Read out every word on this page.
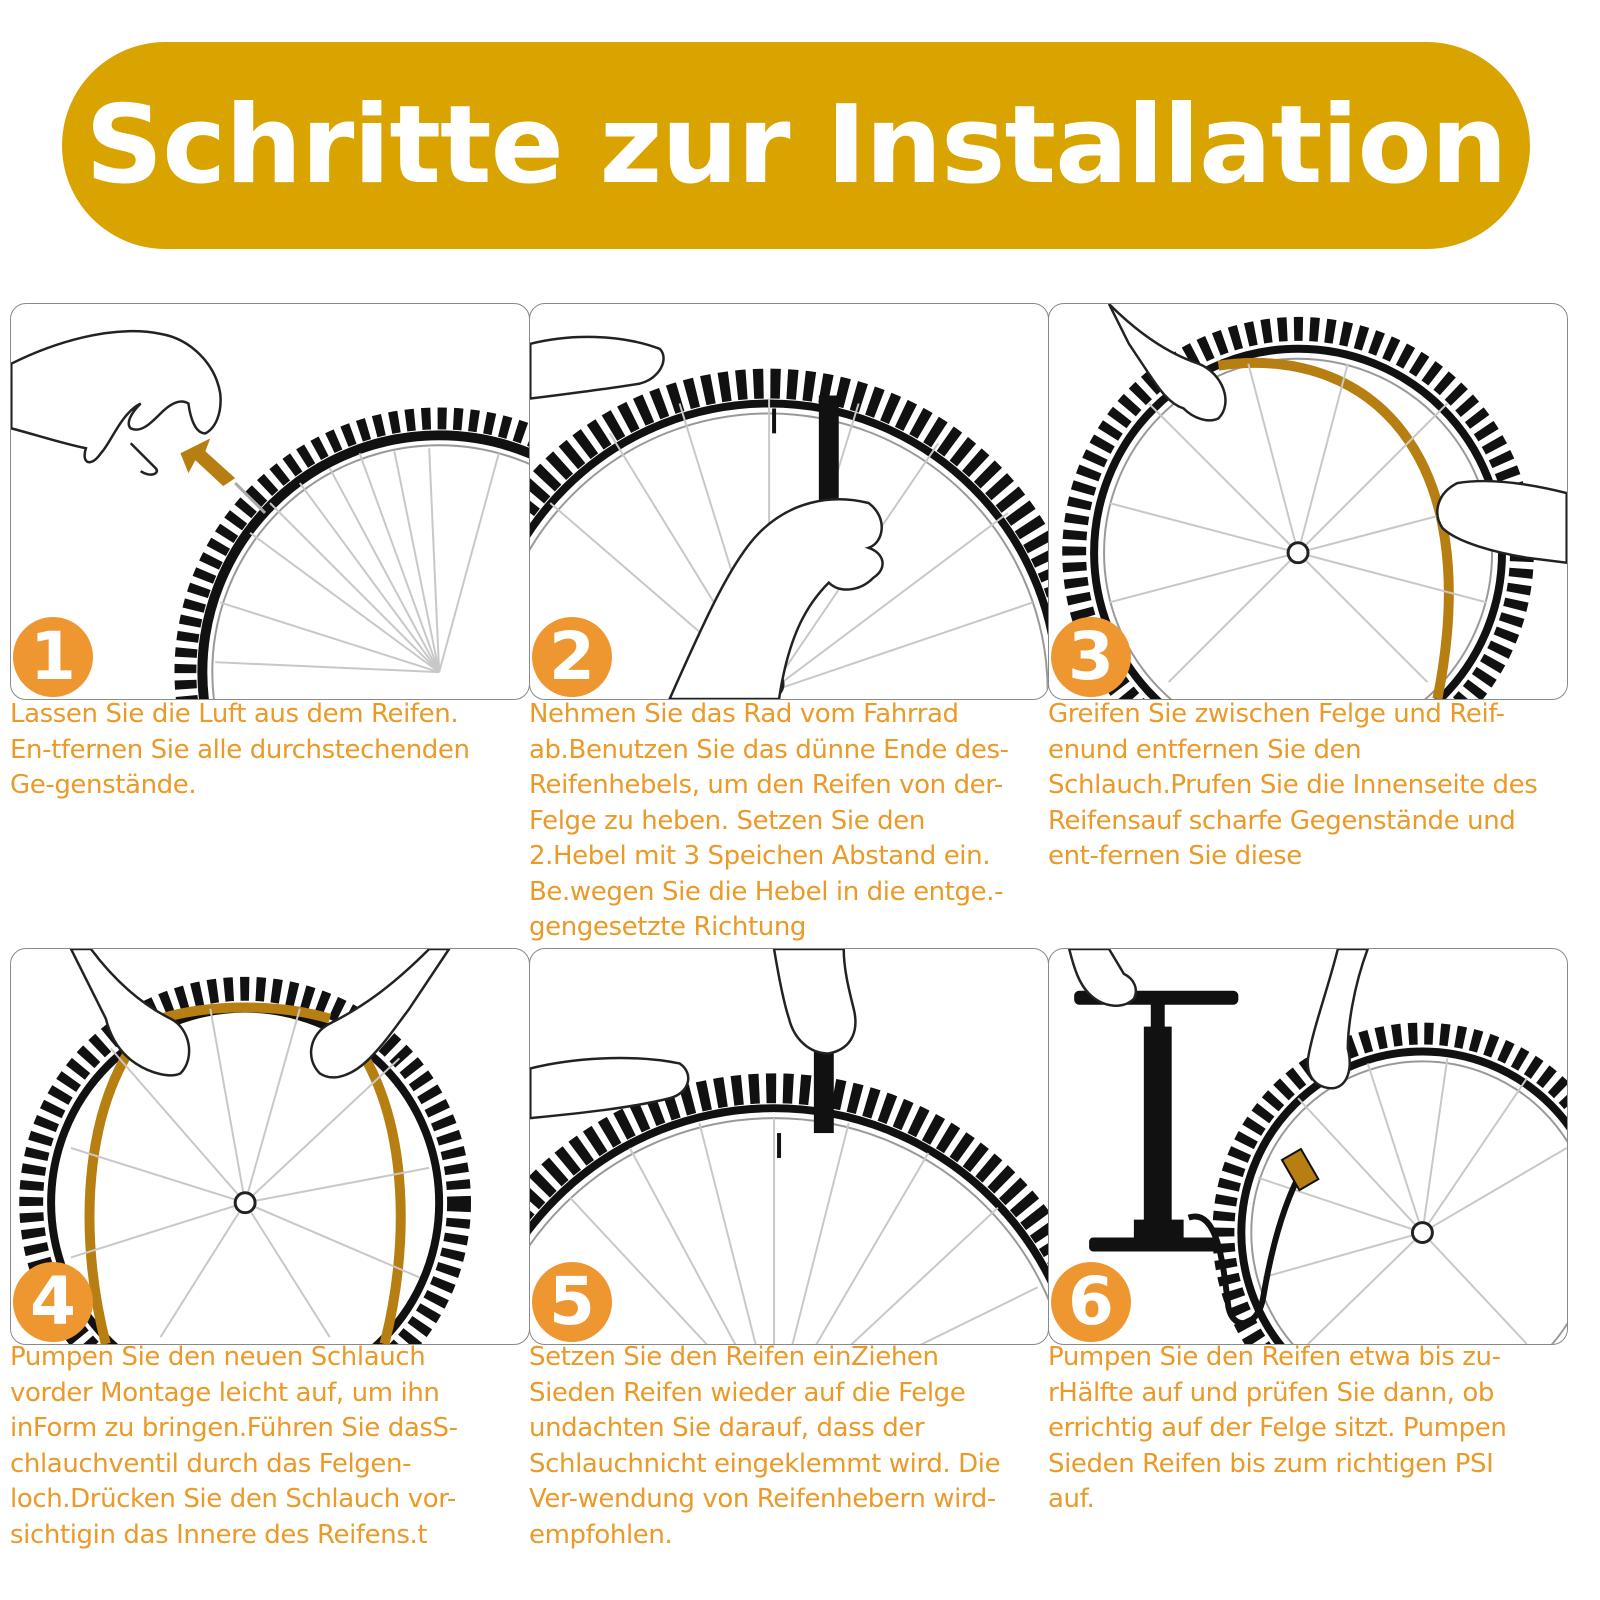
Schritte zur Installation
1
Lassen Sie die Luft aus dem Reifen.
En-tfernen Sie alle durchstechenden
Ge-genstände.
2
Nehmen Sie das Rad vom Fahrrad
ab.Benutzen Sie das dünne Ende des-
Reifenhebels, um den Reifen von der-
Felge zu heben. Setzen Sie den
2.Hebel mit 3 Speichen Abstand ein.
Be.wegen Sie die Hebel in die entge.-
gengesetzte Richtung
3
Greifen Sie zwischen Felge und Reif-
enund entfernen Sie den
Schlauch.Prufen Sie die Innenseite des
Reifensauf scharfe Gegenstände und
ent-fernen Sie diese
4
Pumpen Sie den neuen Schlauch
vorder Montage leicht auf, um ihn
inForm zu bringen.Führen Sie dasS-
chlauchventil durch das Felgen-
loch.Drücken Sie den Schlauch vor-
sichtigin das Innere des Reifens.t
5
Setzen Sie den Reifen einZiehen
Sieden Reifen wieder auf die Felge
undachten Sie darauf, dass der
Schlauchnicht eingeklemmt wird. Die
Ver-wendung von Reifenhebern wird-
empfohlen.
6
Pumpen Sie den Reifen etwa bis zu-
rHälfte auf und prüfen Sie dann, ob
errichtig auf der Felge sitzt. Pumpen
Sieden Reifen bis zum richtigen PSI
auf.
